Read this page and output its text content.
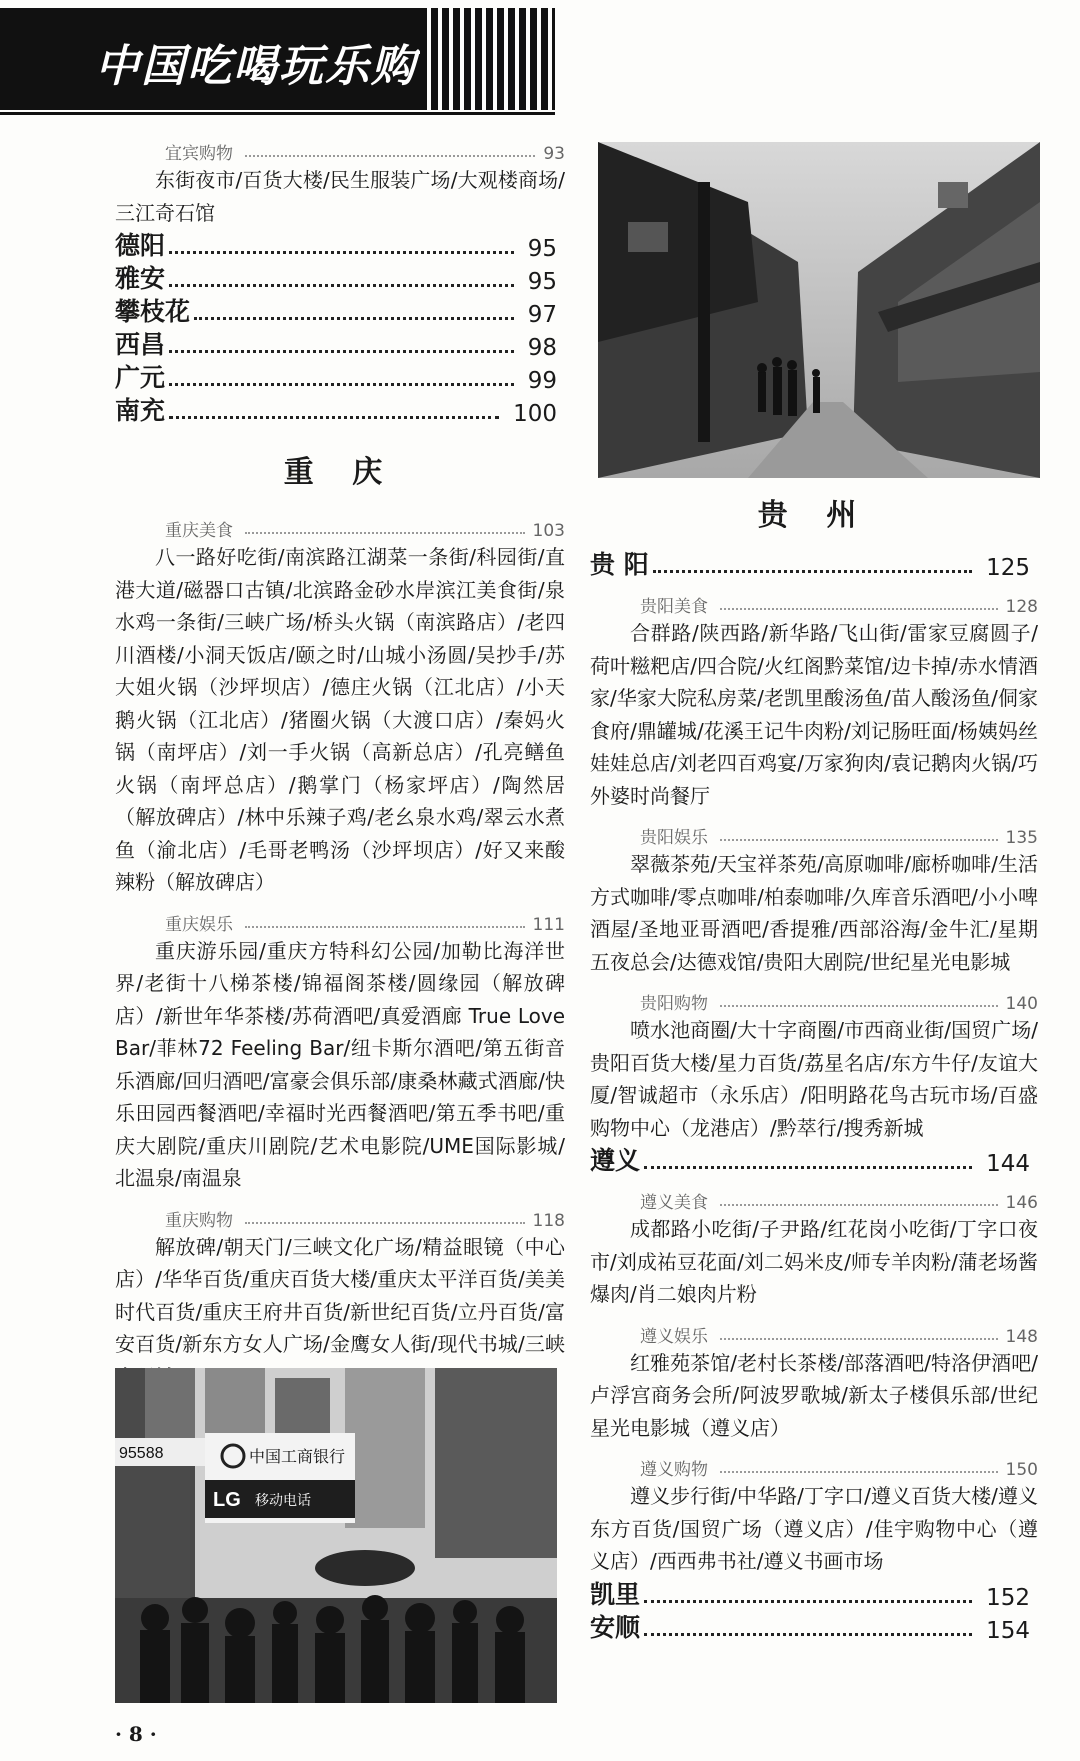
中国吃喝玩乐购
宜宾购物	93

东街夜市/百货大楼/民生服装广场/大观楼商场/三江奇石馆

德阳	95
雅安	95
攀枝花	97
西昌	98
广元	99
南充	100
重 庆
重庆美食	103

八一路好吃街/南滨路江湖菜一条街/科园街/直港大道/磁器口古镇/北滨路金砂水岸滨江美食街/泉水鸡一条街/三峡广场/桥头火锅（南滨路店）/老四川酒楼/小洞天饭店/颐之时/山城小汤圆/吴抄手/苏大姐火锅（沙坪坝店）/德庄火锅（江北店）/小天鹅火锅（江北店）/猪圈火锅（大渡口店）/秦妈火锅（南坪店）/刘一手火锅（高新总店）/孔亮鳝鱼火锅（南坪总店）/鹅掌门（杨家坪店）/陶然居（解放碑店）/林中乐辣子鸡/老幺泉水鸡/翠云水煮鱼（渝北店）/毛哥老鸭汤（沙坪坝店）/好又来酸辣粉（解放碑店）

重庆娱乐	111

重庆游乐园/重庆方特科幻公园/加勒比海洋世界/老街十八梯茶楼/锦福阁茶楼/圆缘园（解放碑店）/新世年华茶楼/苏荷酒吧/真爱酒廊 True Love Bar/菲林72 Feeling Bar/纽卡斯尔酒吧/第五街音乐酒廊/回归酒吧/富豪会俱乐部/康桑林藏式酒廊/快乐田园西餐酒吧/幸福时光西餐酒吧/第五季书吧/重庆大剧院/重庆川剧院/艺术电影院/UME国际影城/北温泉/南温泉

重庆购物	118

解放碑/朝天门/三峡文化广场/精益眼镜（中心店）/华华百货/重庆百货大楼/重庆太平洋百货/美美时代百货/重庆王府井百货/新世纪百货/立丹百货/富安百货/新东方女人广场/金鹰女人街/现代书城/三峡

贵 州
贵 阳	125
贵阳美食	128

合群路/陕西路/新华路/飞山街/雷家豆腐圆子/荷叶糍粑店/四合院/火红阁黔菜馆/边卡掉/赤水情酒家/华家大院私房菜/老凯里酸汤鱼/苗人酸汤鱼/侗家食府/鼎罐城/花溪王记牛肉粉/刘记肠旺面/杨姨妈丝娃娃总店/刘老四百鸡宴/万家狗肉/袁记鹅肉火锅/巧外婆时尚餐厅

贵阳娱乐	135

翠薇茶苑/天宝祥茶苑/高原咖啡/廊桥咖啡/生活方式咖啡/零点咖啡/柏泰咖啡/久库音乐酒吧/小小啤酒屋/圣地亚哥酒吧/香提雅/西部浴海/金牛汇/星期五夜总会/达德戏馆/贵阳大剧院/世纪星光电影城

贵阳购物	140

喷水池商圈/大十字商圈/市西商业街/国贸广场/贵阳百货大楼/星力百货/荔星名店/东方牛仔/友谊大厦/智诚超市（永乐店）/阳明路花鸟古玩市场/百盛购物中心（龙港店）/黔萃行/搜秀新城

遵义	144
遵义美食	146

成都路小吃街/子尹路/红花岗小吃街/丁字口夜市/刘成祐豆花面/刘二妈米皮/师专羊肉粉/蒲老场酱爆肉/肖二娘肉片粉

遵义娱乐	148

红雅苑茶馆/老村长茶楼/部落酒吧/特洛伊酒吧/卢浮宫商务会所/阿波罗歌城/新太子楼俱乐部/世纪星光电影城（遵义店）

遵义购物	150

遵义步行街/中华路/丁字口/遵义百货大楼/遵义东方百货/国贸广场（遵义店）/佳宇购物中心（遵义店）/西西弗书社/遵义书画市场

凯里	152
安顺	154
95588	中国工商银行
LG 移动电话
· 8 ·
